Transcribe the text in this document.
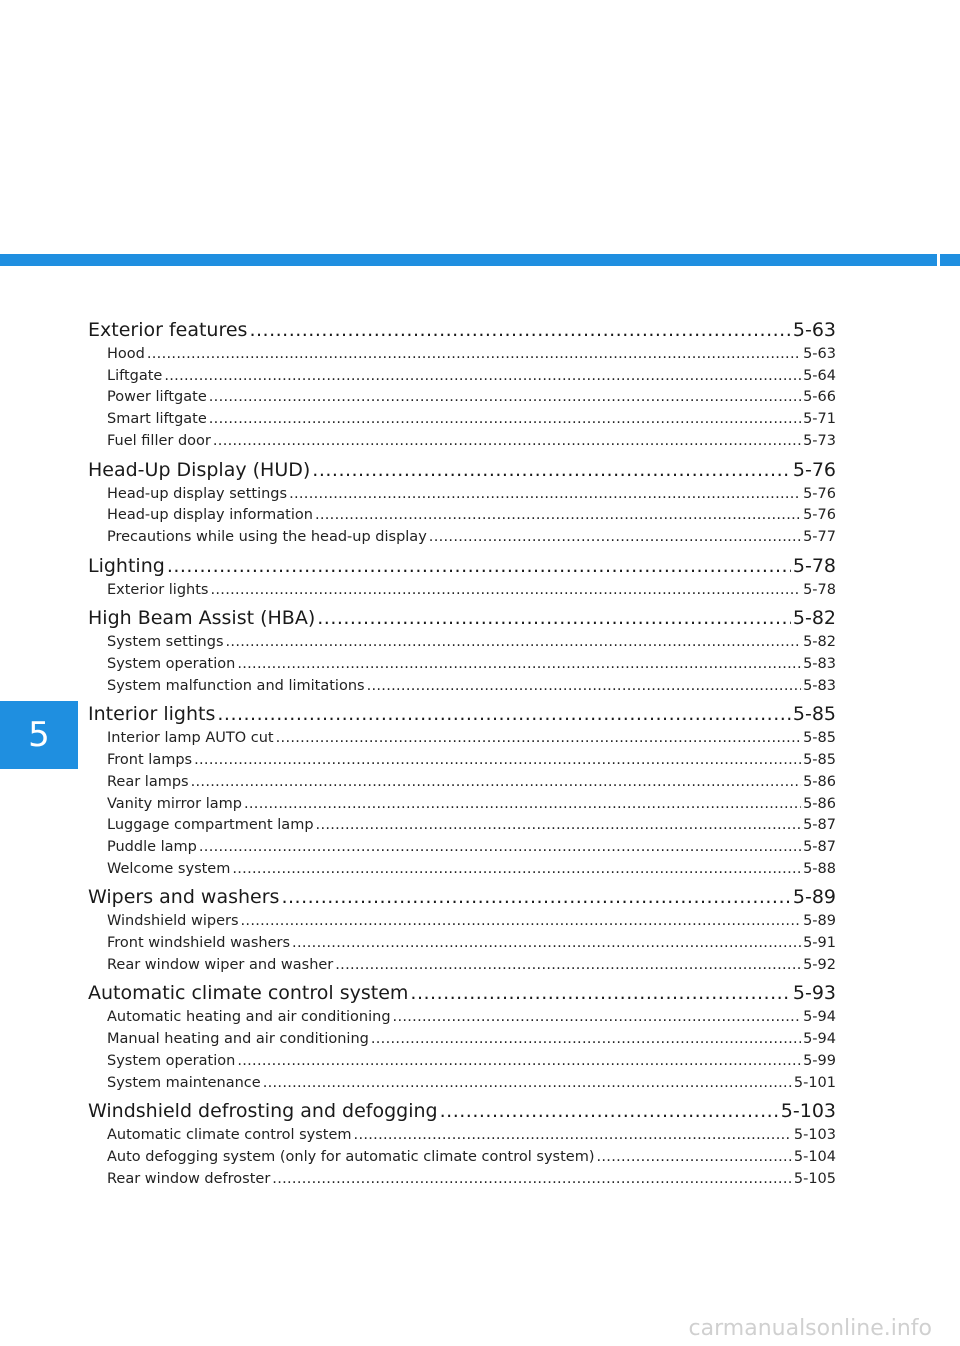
5
Exterior features .....	5-63
Hood .....	5-63
Liftgate .....	5-64
Power liftgate .....	5-66
Smart liftgate .....	5-71
Fuel filler door .....	5-73
Head-Up Display (HUD) .....	5-76
Head-up display settings .....	5-76
Head-up display information .....	5-76
Precautions while using the head-up display .....	5-77
Lighting .....	5-78
Exterior lights .....	5-78
High Beam Assist (HBA) .....	5-82
System settings .....	5-82
System operation .....	5-83
System malfunction and limitations .....	5-83
Interior lights .....	5-85
Interior lamp AUTO cut .....	5-85
Front lamps .....	5-85
Rear lamps .....	5-86
Vanity mirror lamp .....	5-86
Luggage compartment lamp .....	5-87
Puddle lamp .....	5-87
Welcome system .....	5-88
Wipers and washers .....	5-89
Windshield wipers .....	5-89
Front windshield washers .....	5-91
Rear window wiper and washer .....	5-92
Automatic climate control system .....	5-93
Automatic heating and air conditioning .....	5-94
Manual heating and air conditioning .....	5-94
System operation .....	5-99
System maintenance .....	5-101
Windshield defrosting and defogging .....	5-103
Automatic climate control system .....	5-103
Auto defogging system (only for automatic climate control system) .....	5-104
Rear window defroster .....	5-105
carmanualsonline.info
